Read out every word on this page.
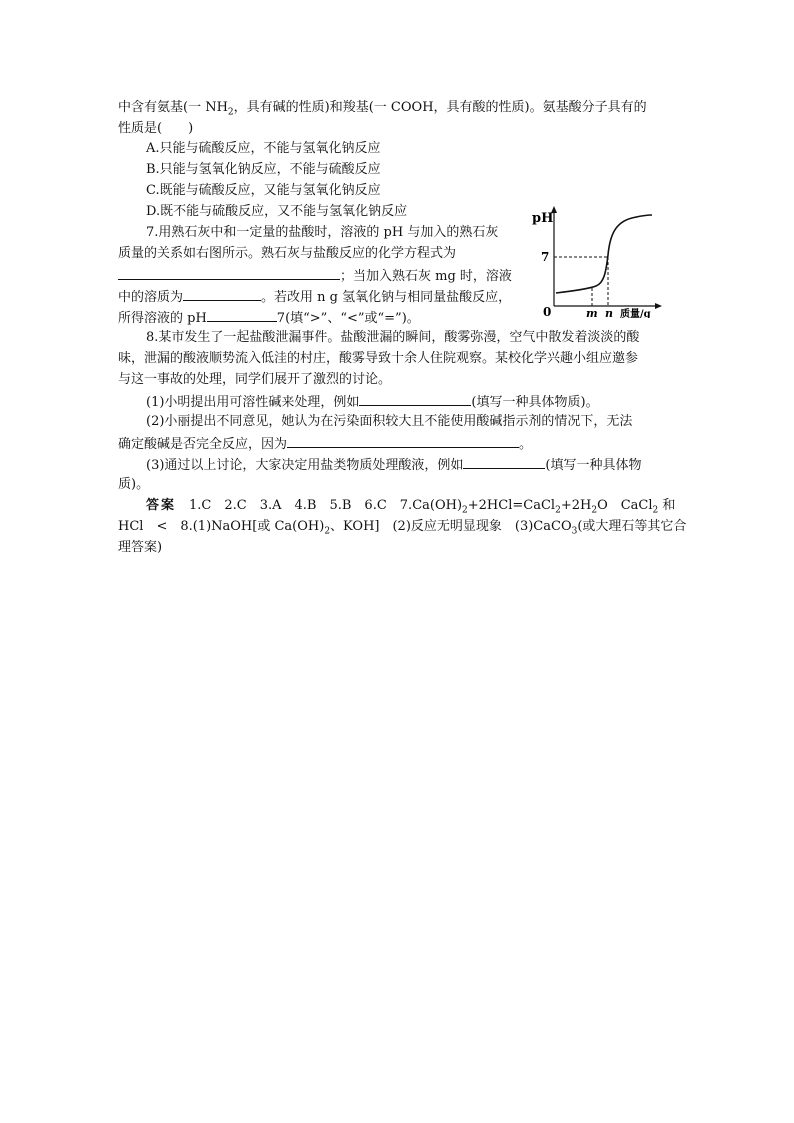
中含有氨基(一 $NH_2$，具有碱的性质)和羧基(一 COOH，具有酸的性质)。氨基酸分子具有的
性质是(　　)
A.只能与硫酸反应，不能与氢氧化钠反应
B.只能与氢氧化钠反应，不能与硫酸反应
C.既能与硫酸反应，又能与氢氧化钠反应
D.既不能与硫酸反应，又不能与氢氧化钠反应
7.用熟石灰中和一定量的盐酸时，溶液的 pH 与加入的熟石灰
质量的关系如右图所示。熟石灰与盐酸反应的化学方程式为
；当加入熟石灰 mg 时，溶液
中的溶质为	。若改用 n g 氢氧化钠与相同量盐酸反应，
所得溶液的 pH	7(填“>”、“<”或“=”)。
pH
7
0	m n 质量/g
8.某市发生了一起盐酸泄漏事件。盐酸泄漏的瞬间，酸雾弥漫，空气中散发着淡淡的酸
味，泄漏的酸液顺势流入低洼的村庄，酸雾导致十余人住院观察。某校化学兴趣小组应邀参
与这一事故的处理，同学们展开了激烈的讨论。
(1)小明提出用可溶性碱来处理，例如	(填写一种具体物质)。
(2)小丽提出不同意见，她认为在污染面积较大且不能使用酸碱指示剂的情况下，无法
确定酸碱是否完全反应，因为	。
(3)通过以上讨论，大家决定用盐类物质处理酸液，例如	(填写一种具体物
质)。
答案　 1.C　2.C　3.A　4.B　5.B　6.C　$7.Ca(OH)_2+2HCl=CaCl_2+2H_2O$　CaCl$_2$ 和
HCl　<　8.(1)NaOH[或 $Ca(OH)_2$、KOH]　(2)反应无明显现象　(3)CaCO$_3$(或大理石等其它合
理答案)
